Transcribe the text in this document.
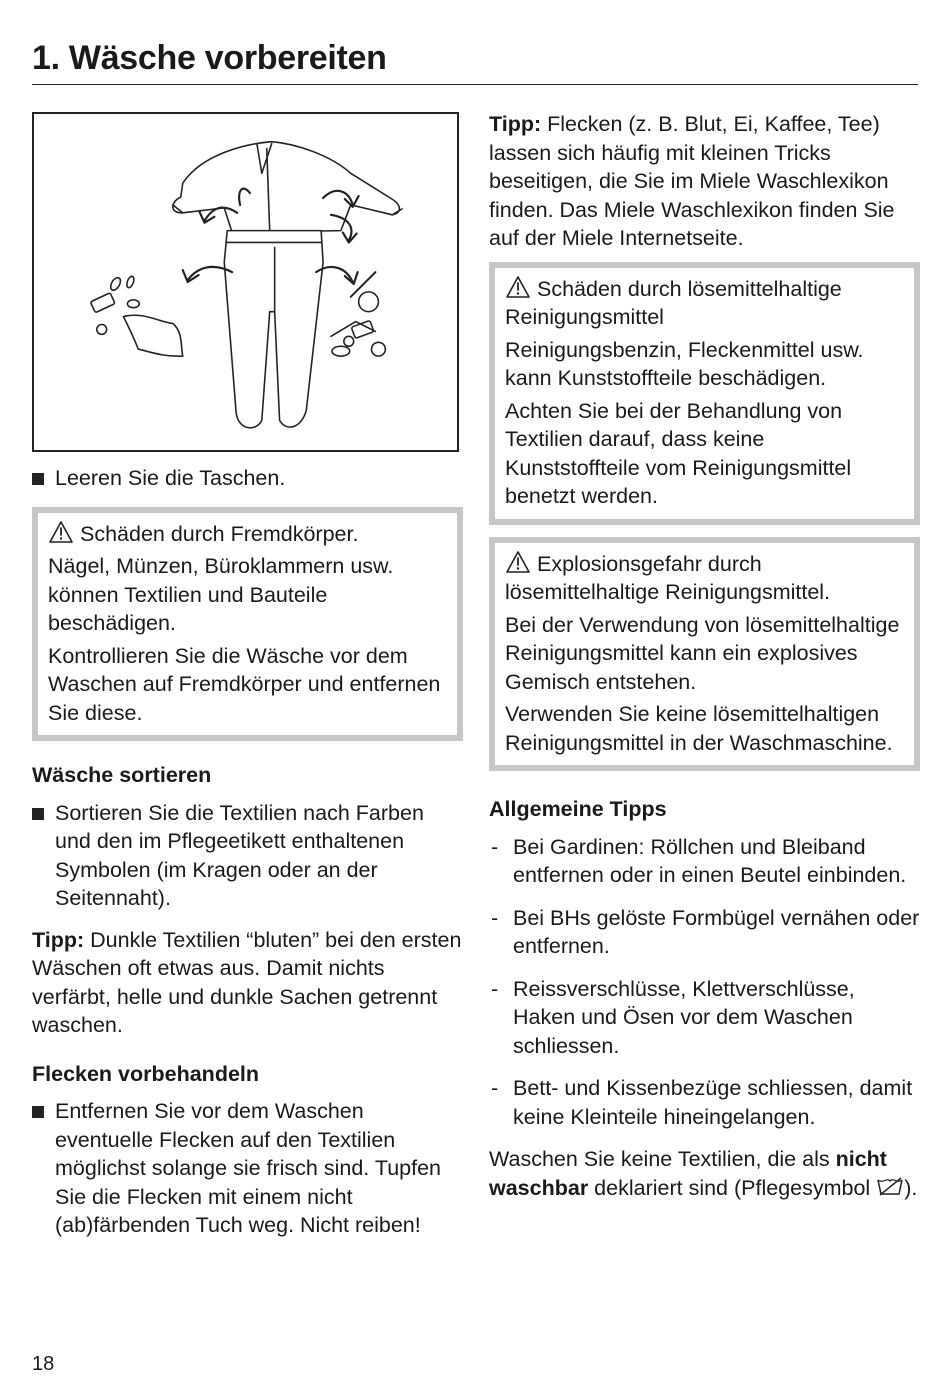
1. Wäsche vorbereiten

Leeren Sie die Taschen.

Schäden durch Fremdkörper.

Nägel, Münzen, Büroklammern usw. können Textilien und Bauteile beschädigen.

Kontrollieren Sie die Wäsche vor dem Waschen auf Fremdkörper und entfernen Sie diese.

Wäsche sortieren

Sortieren Sie die Textilien nach Farben und den im Pflegeetikett enthaltenen Symbolen (im Kragen oder an der Seitennaht).

Tipp: Dunkle Textilien “bluten” bei den ersten Wäschen oft etwas aus. Damit nichts verfärbt, helle und dunkle Sachen getrennt waschen.

Flecken vorbehandeln

Entfernen Sie vor dem Waschen eventuelle Flecken auf den Textilien möglichst solange sie frisch sind. Tupfen Sie die Flecken mit einem nicht (ab)färbenden Tuch weg. Nicht reiben!

Tipp: Flecken (z. B. Blut, Ei, Kaffee, Tee) lassen sich häufig mit kleinen Tricks beseitigen, die Sie im Miele Waschlexikon finden. Das Miele Waschlexikon finden Sie auf der Miele Internetseite.

Schäden durch lösemittelhaltige Reinigungsmittel

Reinigungsbenzin, Fleckenmittel usw. kann Kunststoffteile beschädigen.

Achten Sie bei der Behandlung von Textilien darauf, dass keine Kunststoffteile vom Reinigungsmittel benetzt werden.

Explosionsgefahr durch lösemittelhaltige Reinigungsmittel.

Bei der Verwendung von lösemittelhaltige Reinigungsmittel kann ein explosives Gemisch entstehen.

Verwenden Sie keine lösemittelhaltigen Reinigungsmittel in der Waschmaschine.

Allgemeine Tipps

- Bei Gardinen: Röllchen und Bleiband entfernen oder in einen Beutel einbinden.

- Bei BHs gelöste Formbügel vernähen oder entfernen.

- Reissverschlüsse, Klettverschlüsse, Haken und Ösen vor dem Waschen schliessen.

- Bett- und Kissenbezüge schliessen, damit keine Kleinteile hineingelangen.

Waschen Sie keine Textilien, die als nicht waschbar deklariert sind (Pflegesymbol ).

18
